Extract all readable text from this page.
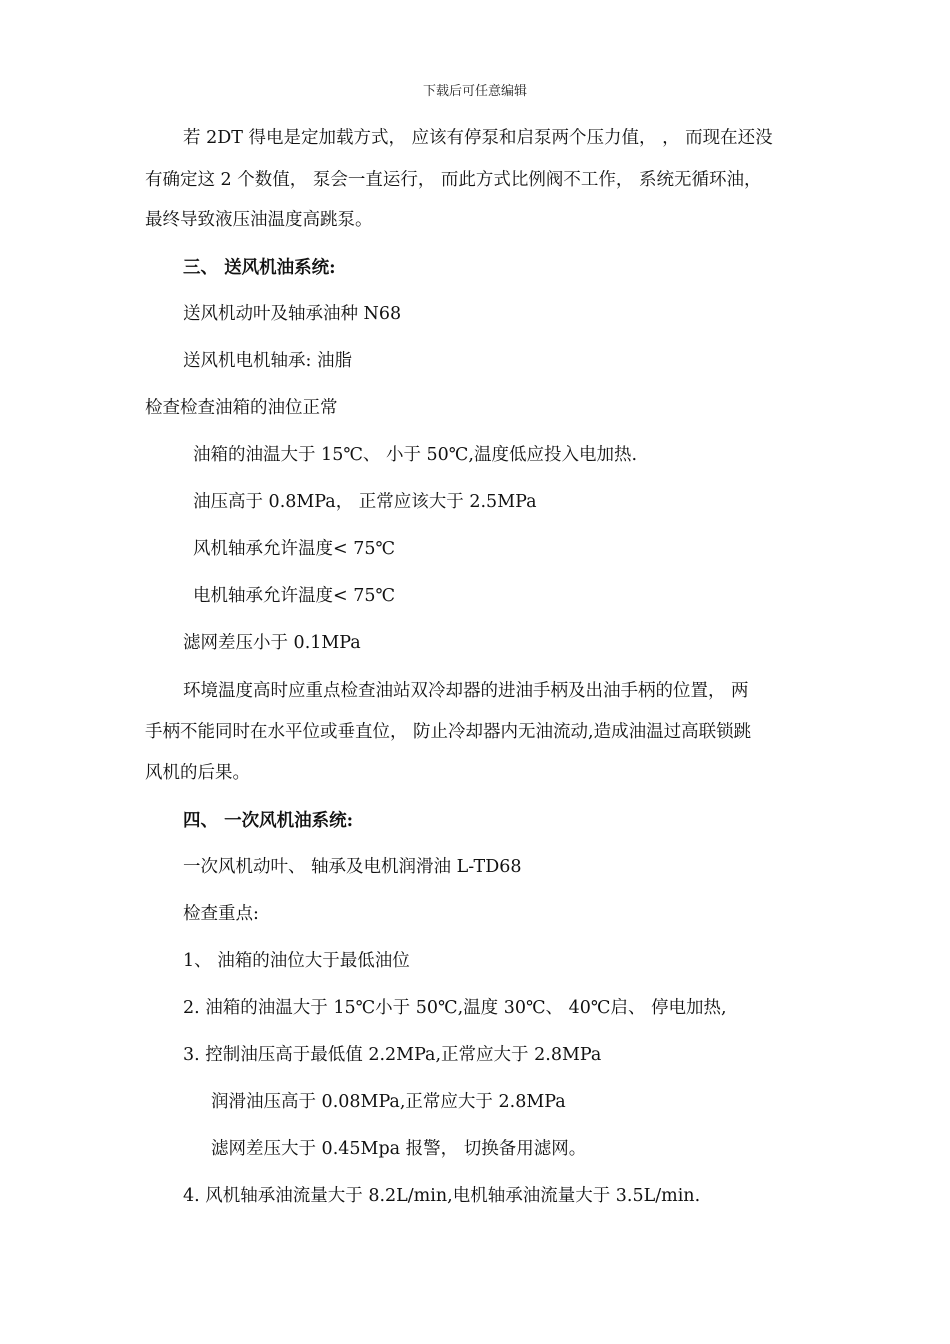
下载后可任意编辑
若 2DT 得电是定加载方式， 应该有停泵和启泵两个压力值， ， 而现在还没
有确定这 2 个数值， 泵会一直运行， 而此方式比例阀不工作， 系统无循环油，
最终导致液压油温度高跳泵。
三、 送风机油系统:
送风机动叶及轴承油种 N68
送风机电机轴承: 油脂
检查检查油箱的油位正常
油箱的油温大于 15℃、 小于 50℃,温度低应投入电加热.
油压高于 0.8MPa， 正常应该大于 2.5MPa
风机轴承允许温度< 75℃
电机轴承允许温度< 75℃
滤网差压小于 0.1MPa
环境温度高时应重点检查油站双冷却器的进油手柄及出油手柄的位置， 两
手柄不能同时在水平位或垂直位， 防止冷却器内无油流动,造成油温过高联锁跳
风机的后果。
四、 一次风机油系统:
一次风机动叶、 轴承及电机润滑油 L-TD68
检查重点:
1、 油箱的油位大于最低油位
2. 油箱的油温大于 15℃小于 50℃,温度 30℃、 40℃启、 停电加热,
3. 控制油压高于最低值 2.2MPa,正常应大于 2.8MPa
润滑油压高于 0.08MPa,正常应大于 2.8MPa
滤网差压大于 0.45Mpa 报警， 切换备用滤网。
4. 风机轴承油流量大于 8.2L/min,电机轴承油流量大于 3.5L/min.
